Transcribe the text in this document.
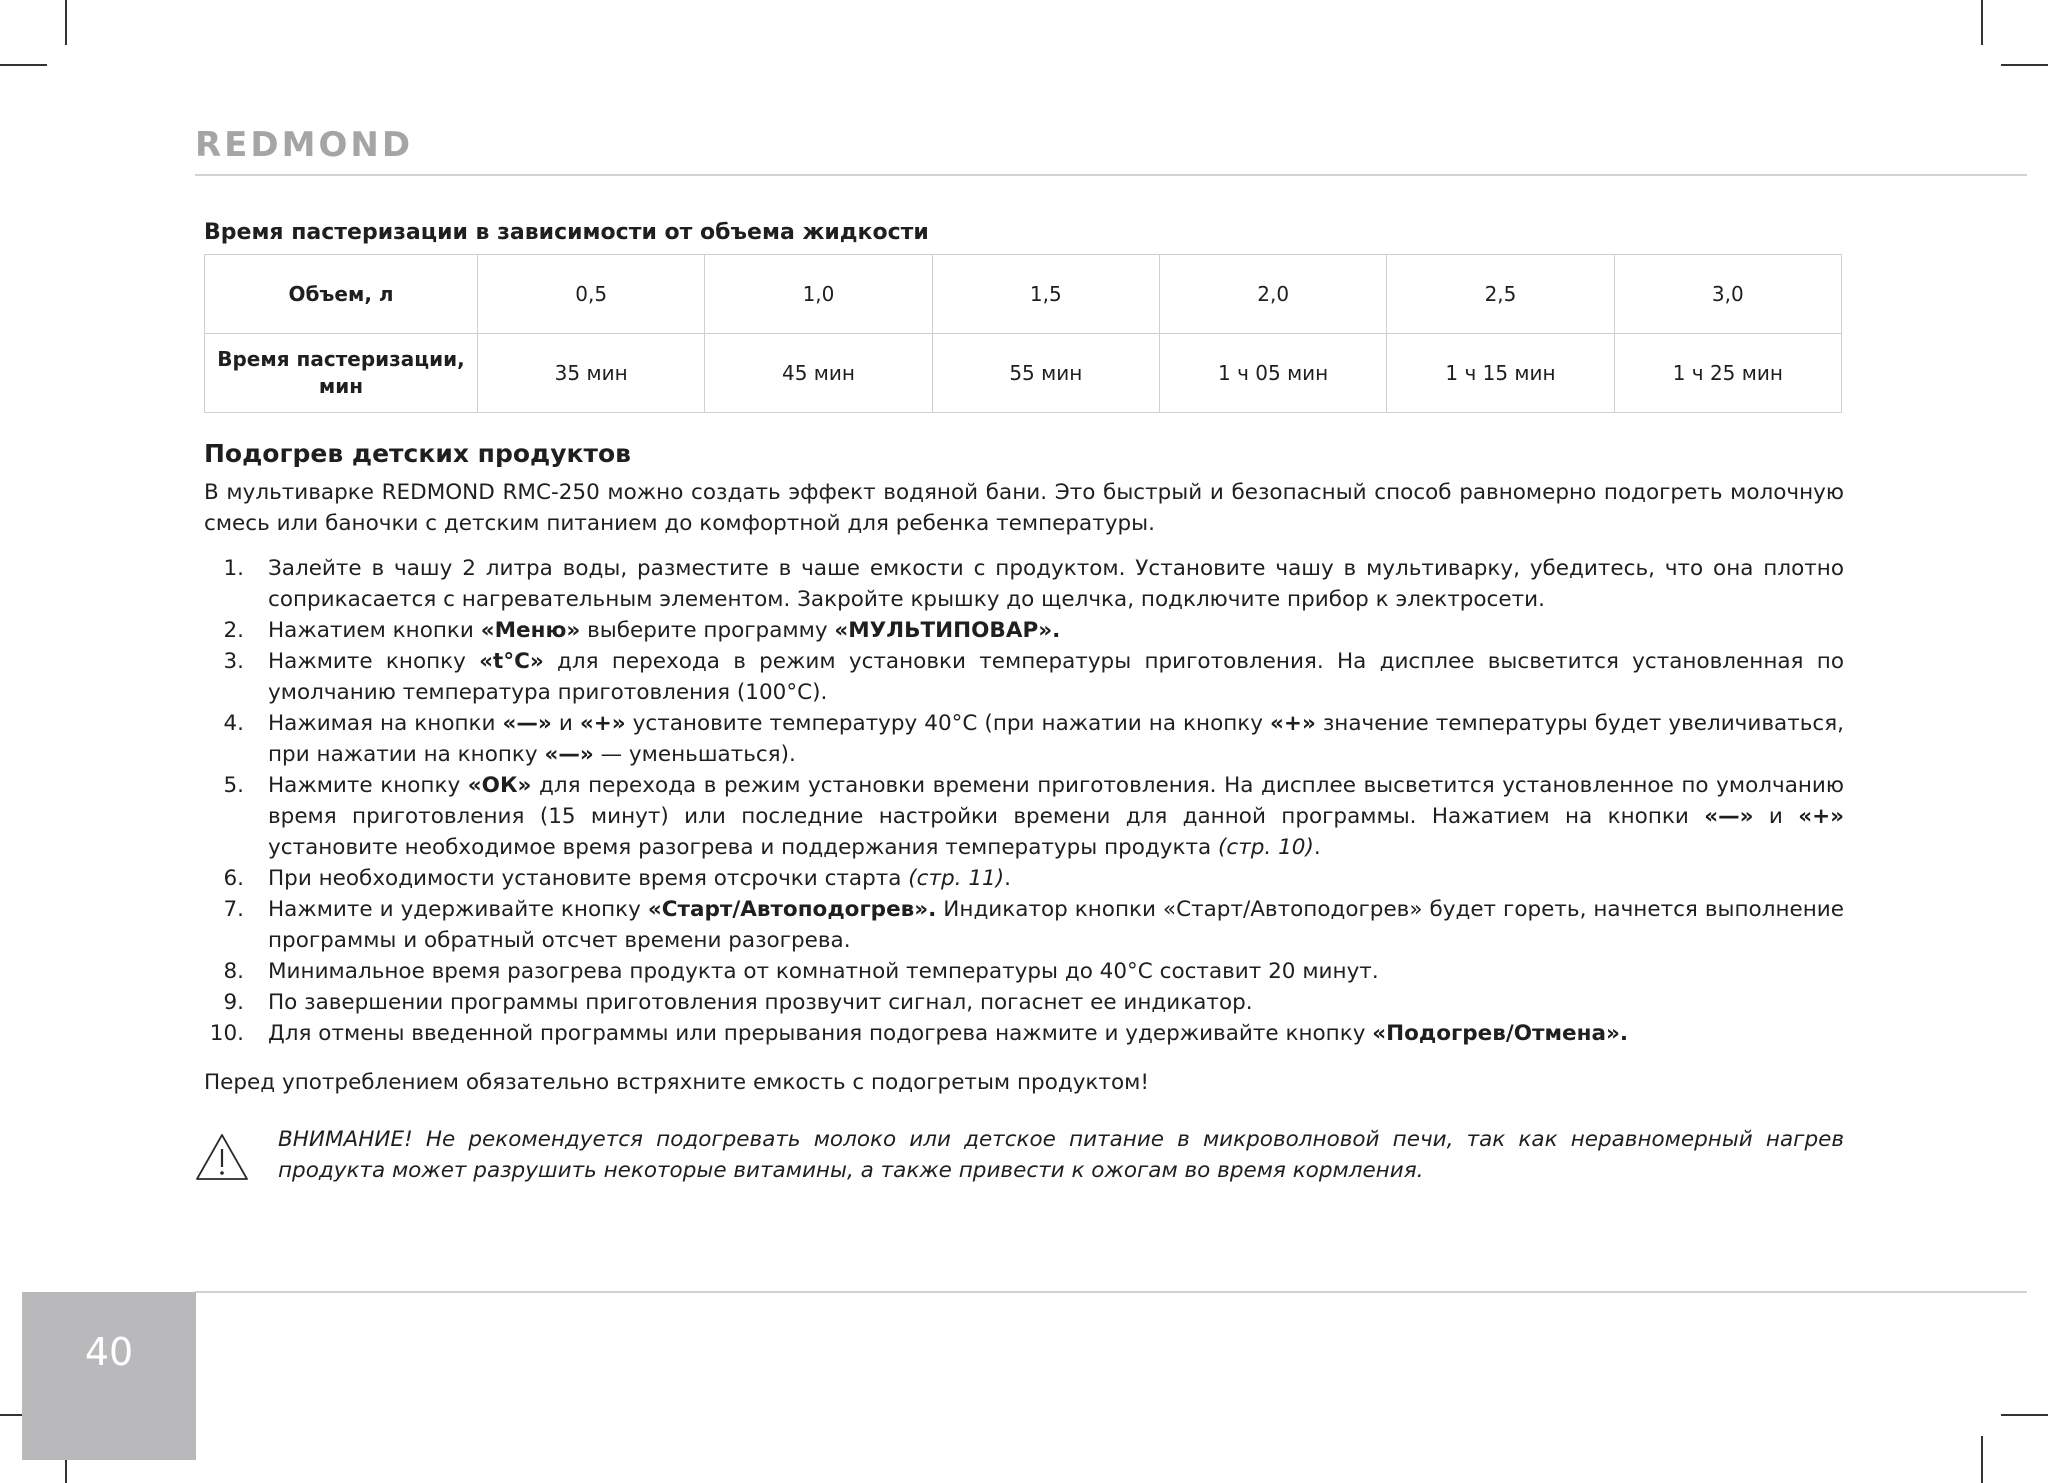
REDMOND
Время пастеризации в зависимости от объема жидкости
Объем, л	0,5	1,0	1,5	2,0	2,5	3,0
Время пастеризации, мин	35 мин	45 мин	55 мин	1 ч 05 мин	1 ч 15 мин	1 ч 25 мин
Подогрев детских продуктов

В мультиварке REDMOND RMC-250 можно создать эффект водяной бани. Это быстрый и безопасный способ равномерно подогреть молочную смесь или баночки с детским питанием до комфортной для ребенка температуры.

1. Залейте в чашу 2 литра воды, разместите в чаше емкости с продуктом. Установите чашу в мультиварку, убедитесь, что она плотно соприкасается с нагревательным элементом. Закройте крышку до щелчка, подключите прибор к электросети.
2. Нажатием кнопки «Меню» выберите программу «МУЛЬТИПОВАР».
3. Нажмите кнопку «t°C» для перехода в режим установки температуры приготовления. На дисплее высветится установленная по умолчанию температура приготовления (100°С).
4. Нажимая на кнопки «—» и «+» установите температуру 40°С (при нажатии на кнопку «+» значение температуры будет увеличиваться, при нажатии на кнопку «—» — уменьшаться).
5. Нажмите кнопку «ОК» для перехода в режим установки времени приготовления. На дисплее высветится установленное по умолчанию время приготовления (15 минут) или последние настройки времени для данной программы. Нажатием на кнопки «—» и «+» установите необходимое время разогрева и поддержания температуры продукта (стр. 10).
6. При необходимости установите время отсрочки старта (стр. 11).
7. Нажмите и удерживайте кнопку «Старт/Автоподогрев». Индикатор кнопки «Старт/Автоподогрев» будет гореть, начнется выполнение программы и обратный отсчет времени разогрева.
8. Минимальное время разогрева продукта от комнатной температуры до 40°С составит 20 минут.
9. По завершении программы приготовления прозвучит сигнал, погаснет ее индикатор.
10. Для отмены введенной программы или прерывания подогрева нажмите и удерживайте кнопку «Подогрев/Отмена».

Перед употреблением обязательно встряхните емкость с подогретым продуктом!

ВНИМАНИЕ! Не рекомендуется подогревать молоко или детское питание в микроволновой печи, так как неравномерный нагрев продукта может разрушить некоторые витамины, а также привести к ожогам во время кормления.
40
